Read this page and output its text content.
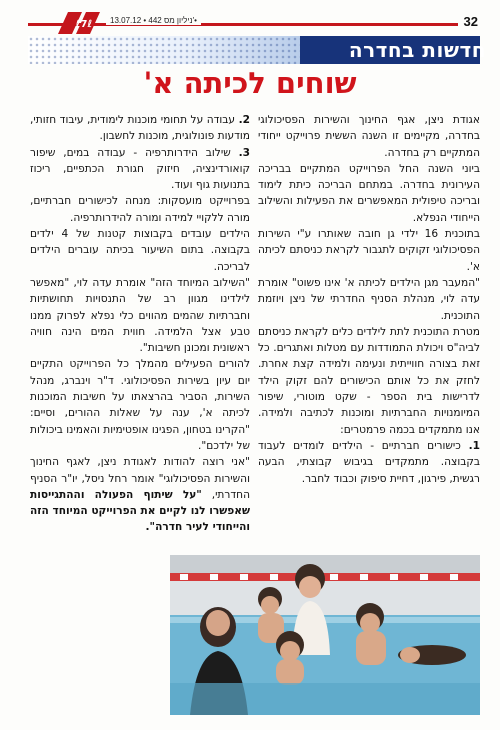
ℓ7ℓ	13.07.12 • 442 ניליון מס'•	32
חדשות בחדרה
שוחים לכיתה א'

אגודת ניצן, אגף החינוך והשירות הפסיכולוגי בחדרה, מקיימים זו השנה הששית פרוייקט ייחודי המתקיים רק בחדרה.

ביוני השנה החל הפרוייקט המתקיים בבריכה העירונית בחדרה. במתחם הבריכה כיתת לימוד ובריכה טיפולית המאפשרים את הפעילות והשילוב הייחודי הנפלא.

בתוכנית 16 ילדי גן חובה שאותרו ע"י השירות הפסיכולוגי זקוקים לתגבור לקראת כניסתם לכיתה א'.

"המעבר מגן הילדים לכיתה א' אינו פשוט" אומרת עדה לוי, מנהלת הסניף החדרתי של ניצן ויוזמת התוכנית.

מטרת התוכנית לתת לילדים כלים לקראת כניסתם לביה"ס ויכולת התמודדות עם מטלות ואתגרים. כל זאת בצורה חווייתית ונעימה ולמידה קצת אחרת. לחזק את כל אותם הכישורים להם זקוק הילד לדרישות בית הספר - שקט מוטורי, שיפור המיומנויות החברתיות ומוכנות לכתיבה ולמידה. אנו מתמקדים בכמה פרמטרים:

1. כישורים חברתיים - הילדים לומדים לעבוד בקבוצה. מתמקדים בגיבוש קבוצתי, הבעה רגשית, פירגון, דחיית סיפוק וכבוד לחבר.

2. עבודה על תחומי מוכנות לימודית, עיבוד חזותי, מודעות פונולוגית, מוכנות לחשבון.

3. שילוב הידרותרפיה - עבודה במים, שיפור קואורדינציה, חיזוק חגורת הכתפיים, ריכוז בתנועות גוף ועוד.

בפרוייקט מועסקות: מנחה לכישורים חברתיים, מורה ללקויי למידה ומורה להידרותרפיה.

הילדים עובדים בקבוצות קטנות של 4 ילדים בקבוצה. בתום השיעור בכיתה עוברים הילדים לבריכה.

"השילוב המיוחד הזה" אומרת עדה לוי, "מאפשר לילדינו מגוון רב של התנסויות תחושתיות וחברתיות שהמים מהווים כלי נפלא לפרוק ממנו טבע אצל הלמידה. חווית המים הינה חוויה ראשונית ומכונן חשיבות".

להורים הפעילים מהמלך כל הפרוייקט התקיים יום עיון בשירות הפסיכולוגי. ד"ר וינברג, מנהל השירות, הסביר בהרצאתו על חשיבות המוכנות לכיתה א', ענה על שאלות ההורים, וסיים: "הקרינו בטחון, הפגינו אופטימיות והאמינו ביכולות של ילדכם".

"אני רוצה להודות לאגודת ניצן, לאגף החינוך והשירות הפסיכולוגי" אומר רחל ניסל, יו"ר הסניף החדרתי, "על שיתוף הפעולה וההתגייסות שאפשרו לנו לקיים את הפרוייקט המיוחד הזה והייחודי לעיר חדרה".
